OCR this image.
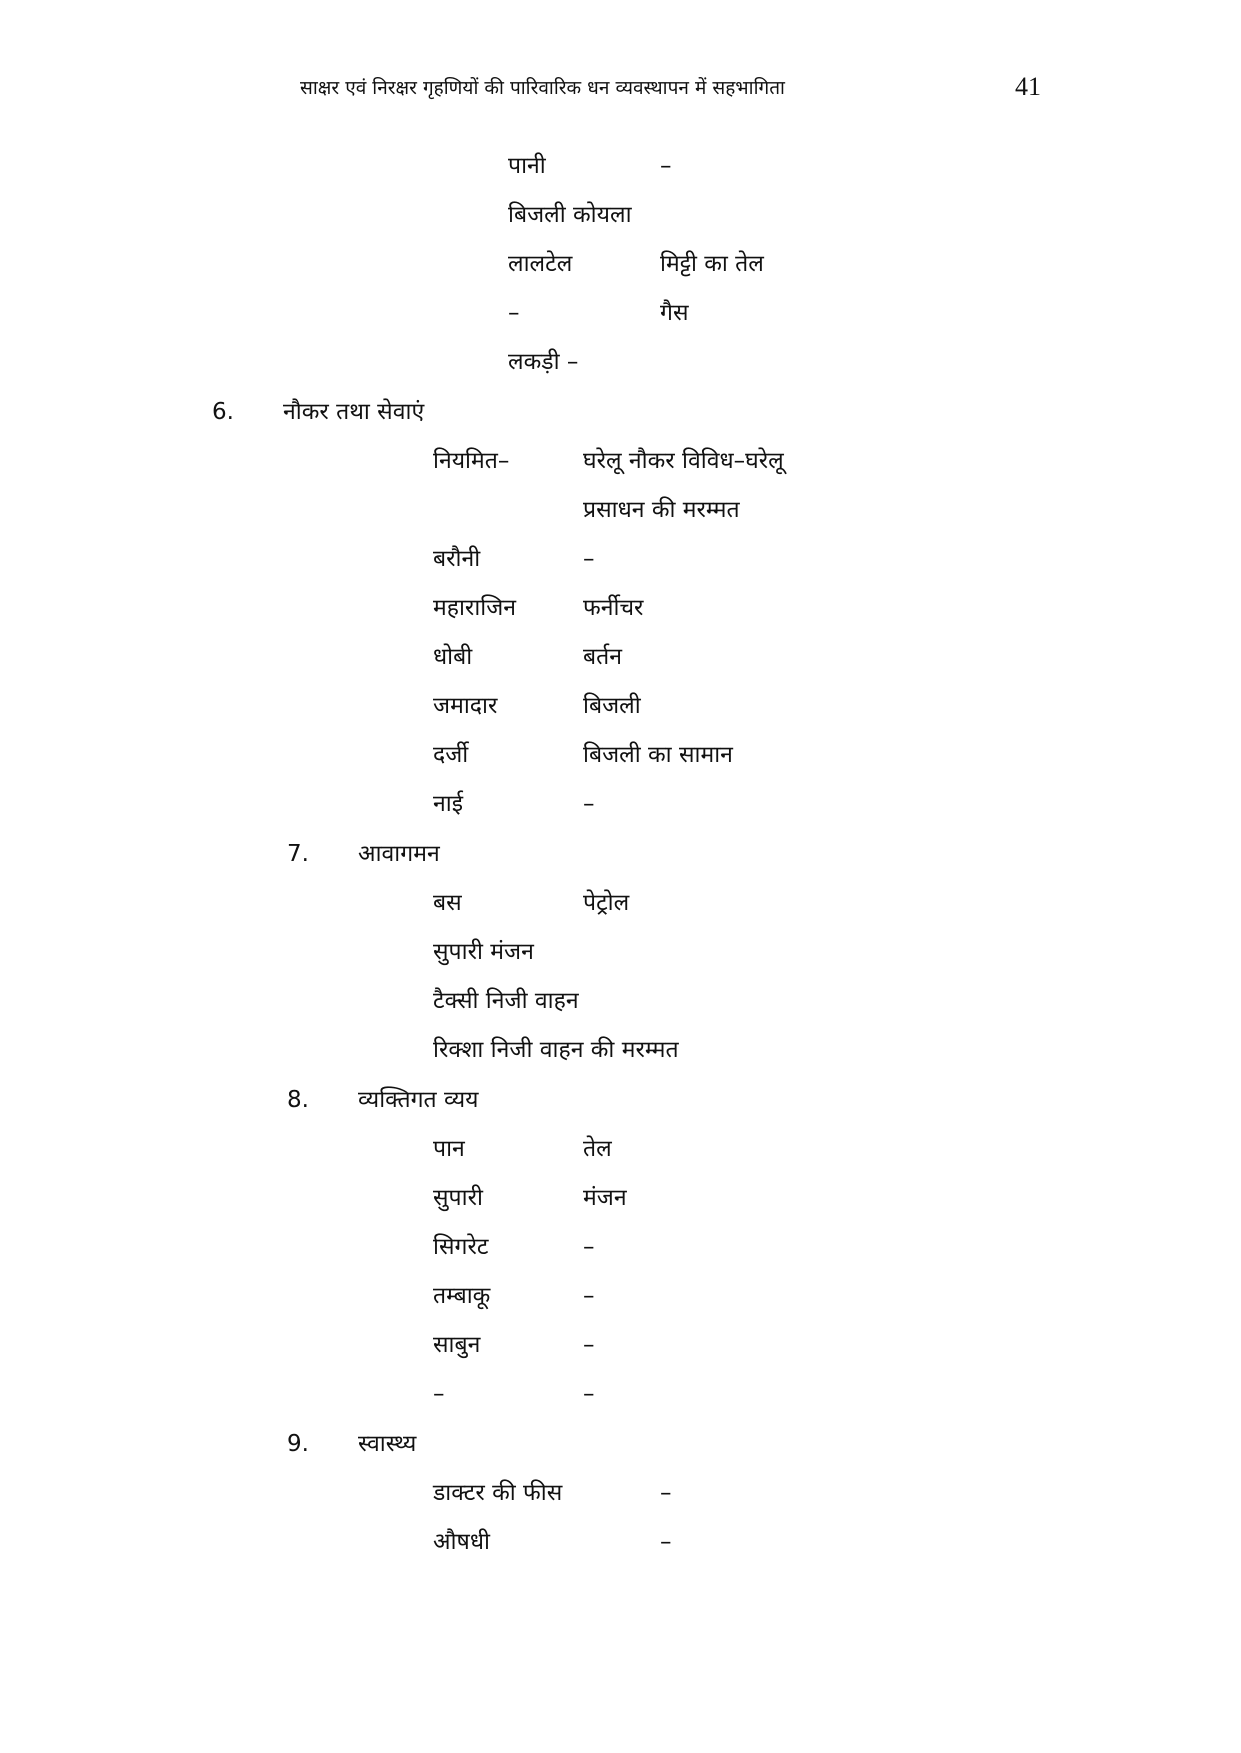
साक्षर एवं निरक्षर गृहणियों की पारिवारिक धन व्यवस्थापन में सहभागिता	41
पानी	–
बिजली कोयला
लालटेल	मिट्टी का तेल
–	गैस
लकड़ी –
6. नौकर तथा सेवाएं
नियमित–	घरेलू नौकर विविध–घरेलू
प्रसाधन की मरम्मत
बरौनी	–
महाराजिन	फर्नीचर
धोबी	बर्तन
जमादार	बिजली
दर्जी	बिजली का सामान
नाई	–
7. आवागमन
बस	पेट्रोल
सुपारी मंजन
टैक्सी निजी वाहन
रिक्शा निजी वाहन की मरम्मत
8. व्यक्तिगत व्यय
पान	तेल
सुपारी	मंजन
सिगरेट	–
तम्बाकू	–
साबुन	–
–	–
9. स्वास्थ्य
डाक्टर की फीस	–
औषधी	–
